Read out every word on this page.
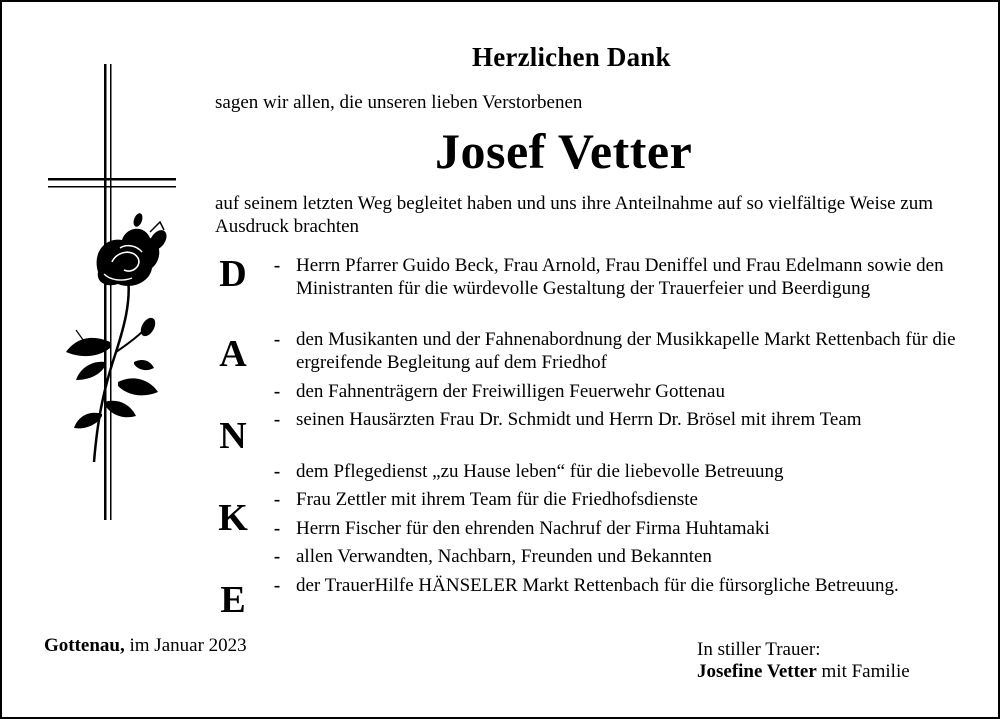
Herzlichen Dank
sagen wir allen, die unseren lieben Verstorbenen
Josef Vetter
auf seinem letzten Weg begleitet haben und uns ihre Anteilnahme auf so vielfältige Weise zum Ausdruck brachten
D
A
N
K
E
- Herrn Pfarrer Guido Beck, Frau Arnold, Frau Deniffel und Frau Edelmann sowie den Ministranten für die würdevolle Gestaltung der Trauerfeier und Beerdigung
- den Musikanten und der Fahnenabordnung der Musikkapelle Markt Rettenbach für die ergreifende Begleitung auf dem Friedhof
- den Fahnenträgern der Freiwilligen Feuerwehr Gottenau
- seinen Hausärzten Frau Dr. Schmidt und Herrn Dr. Brösel mit ihrem Team
- dem Pflegedienst „zu Hause leben“ für die liebevolle Betreuung
- Frau Zettler mit ihrem Team für die Friedhofsdienste
- Herrn Fischer für den ehrenden Nachruf der Firma Huhtamaki
- allen Verwandten, Nachbarn, Freunden und Bekannten
- der TrauerHilfe HÄNSELER Markt Rettenbach für die fürsorgliche Betreuung.
Gottenau, im Januar 2023	In stiller Trauer:
Josefine Vetter mit Familie
